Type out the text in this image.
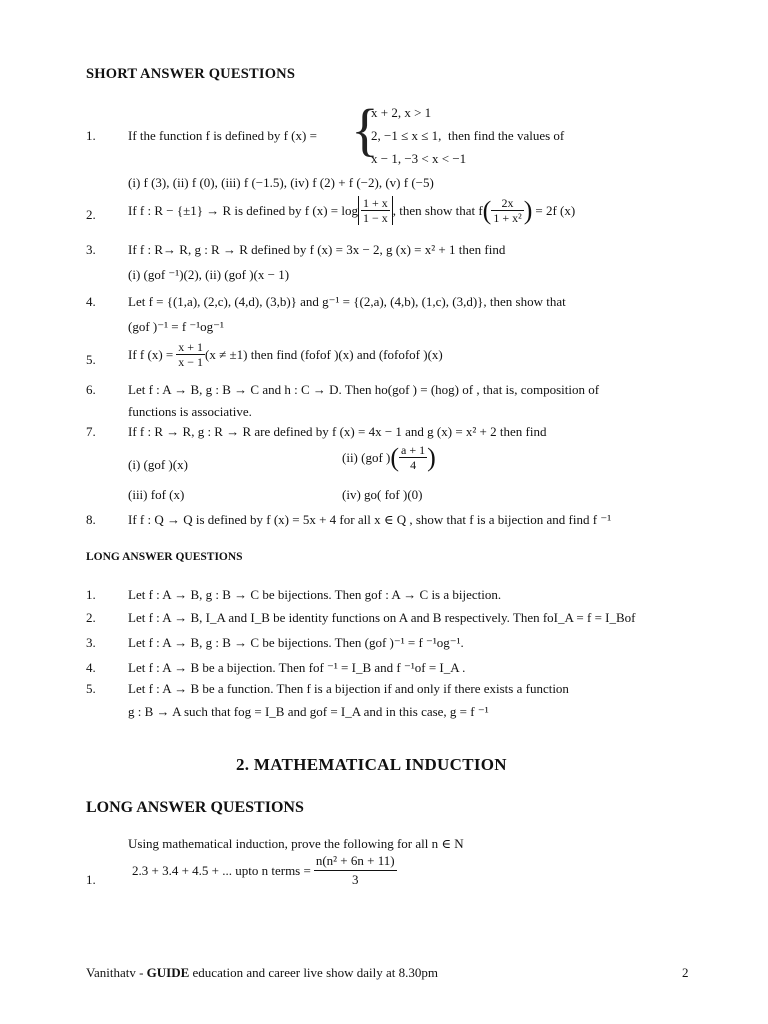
SHORT ANSWER QUESTIONS
1. If the function f is defined by f (x) = {
x + 2, x > 1
2, −1 ≤ x ≤ 1, then find the values of
x − 1, −3 < x < −1
(i) f (3), (ii) f (0), (iii) f (−1.5), (iv) f (2) + f (−2), (v) f (−5)
2. If f : R − {±1} → R is defined by f $(x) = \log \frac{1 + x}{1 - x}$ , then show that f ( $\frac{2x}{\text{1 + x²}}$ ) = 2f (x)
3. If f : R→ R, g : R → R defined by f (x) = 3x − 2, g (x) = x² + 1 then find
(i) (gof ⁻¹)(2), (ii) (gof )(x − 1)
4. Let f = {(1,a), (2,c), (4,d), (3,b)} and g⁻¹ = {(2,a), (4,b), (1,c), (3,d)}, then show that
(gof )⁻¹ = f ⁻¹og⁻¹
5. If f $(x) = \frac{x + 1}{x - 1} (x \ne \pm 1)$ then find (fofof )(x) and (fofofof )(x)
6. Let f : A → B, g : B → C and h : C → D. Then ho(gof ) = (hog) of , that is, composition of
functions is associative.
7. If f : R → R, g : R → R are defined by f (x) = 4x − 1 and g (x) = x² + 2 then find
(i) (gof )(x)	(ii) (gof ) ( $\frac{a + 1}{4}$ )
(iii) fof (x)	(iv) go( fof )(0)
8. If f : Q → Q is defined by f (x) = 5x + 4 for all x ∈ Q , show that f is a bijection and find f ⁻¹
LONG ANSWER QUESTIONS
1. Let f : A → B, g : B → C be bijections. Then gof : A → C is a bijection.
2. Let f : A → B, I_A and I_B be identity functions on A and B respectively. Then foI_A = f = I_Bof
3. Let f : A → B, g : B → C be bijections. Then (gof )⁻¹ = f ⁻¹og⁻¹.
4. Let f : A → B be a bijection. Then fof ⁻¹ = I_B and f ⁻¹of = I_A .
5. Let f : A → B be a function. Then f is a bijection if and only if there exists a function
g : B → A such that fog = I_B and gof = I_A and in this case, g = f ⁻¹
2. MATHEMATICAL INDUCTION
LONG ANSWER QUESTIONS
Using mathematical induction, prove the following for all n ∈ N
1.
2.3 + 3.4 + 4.5 + ... upto n terms = $\frac{\text{n(n² + 6n + 11)}}{3}$
Vanithatv - GUIDE education and career live show daily at 8.30pm	2
